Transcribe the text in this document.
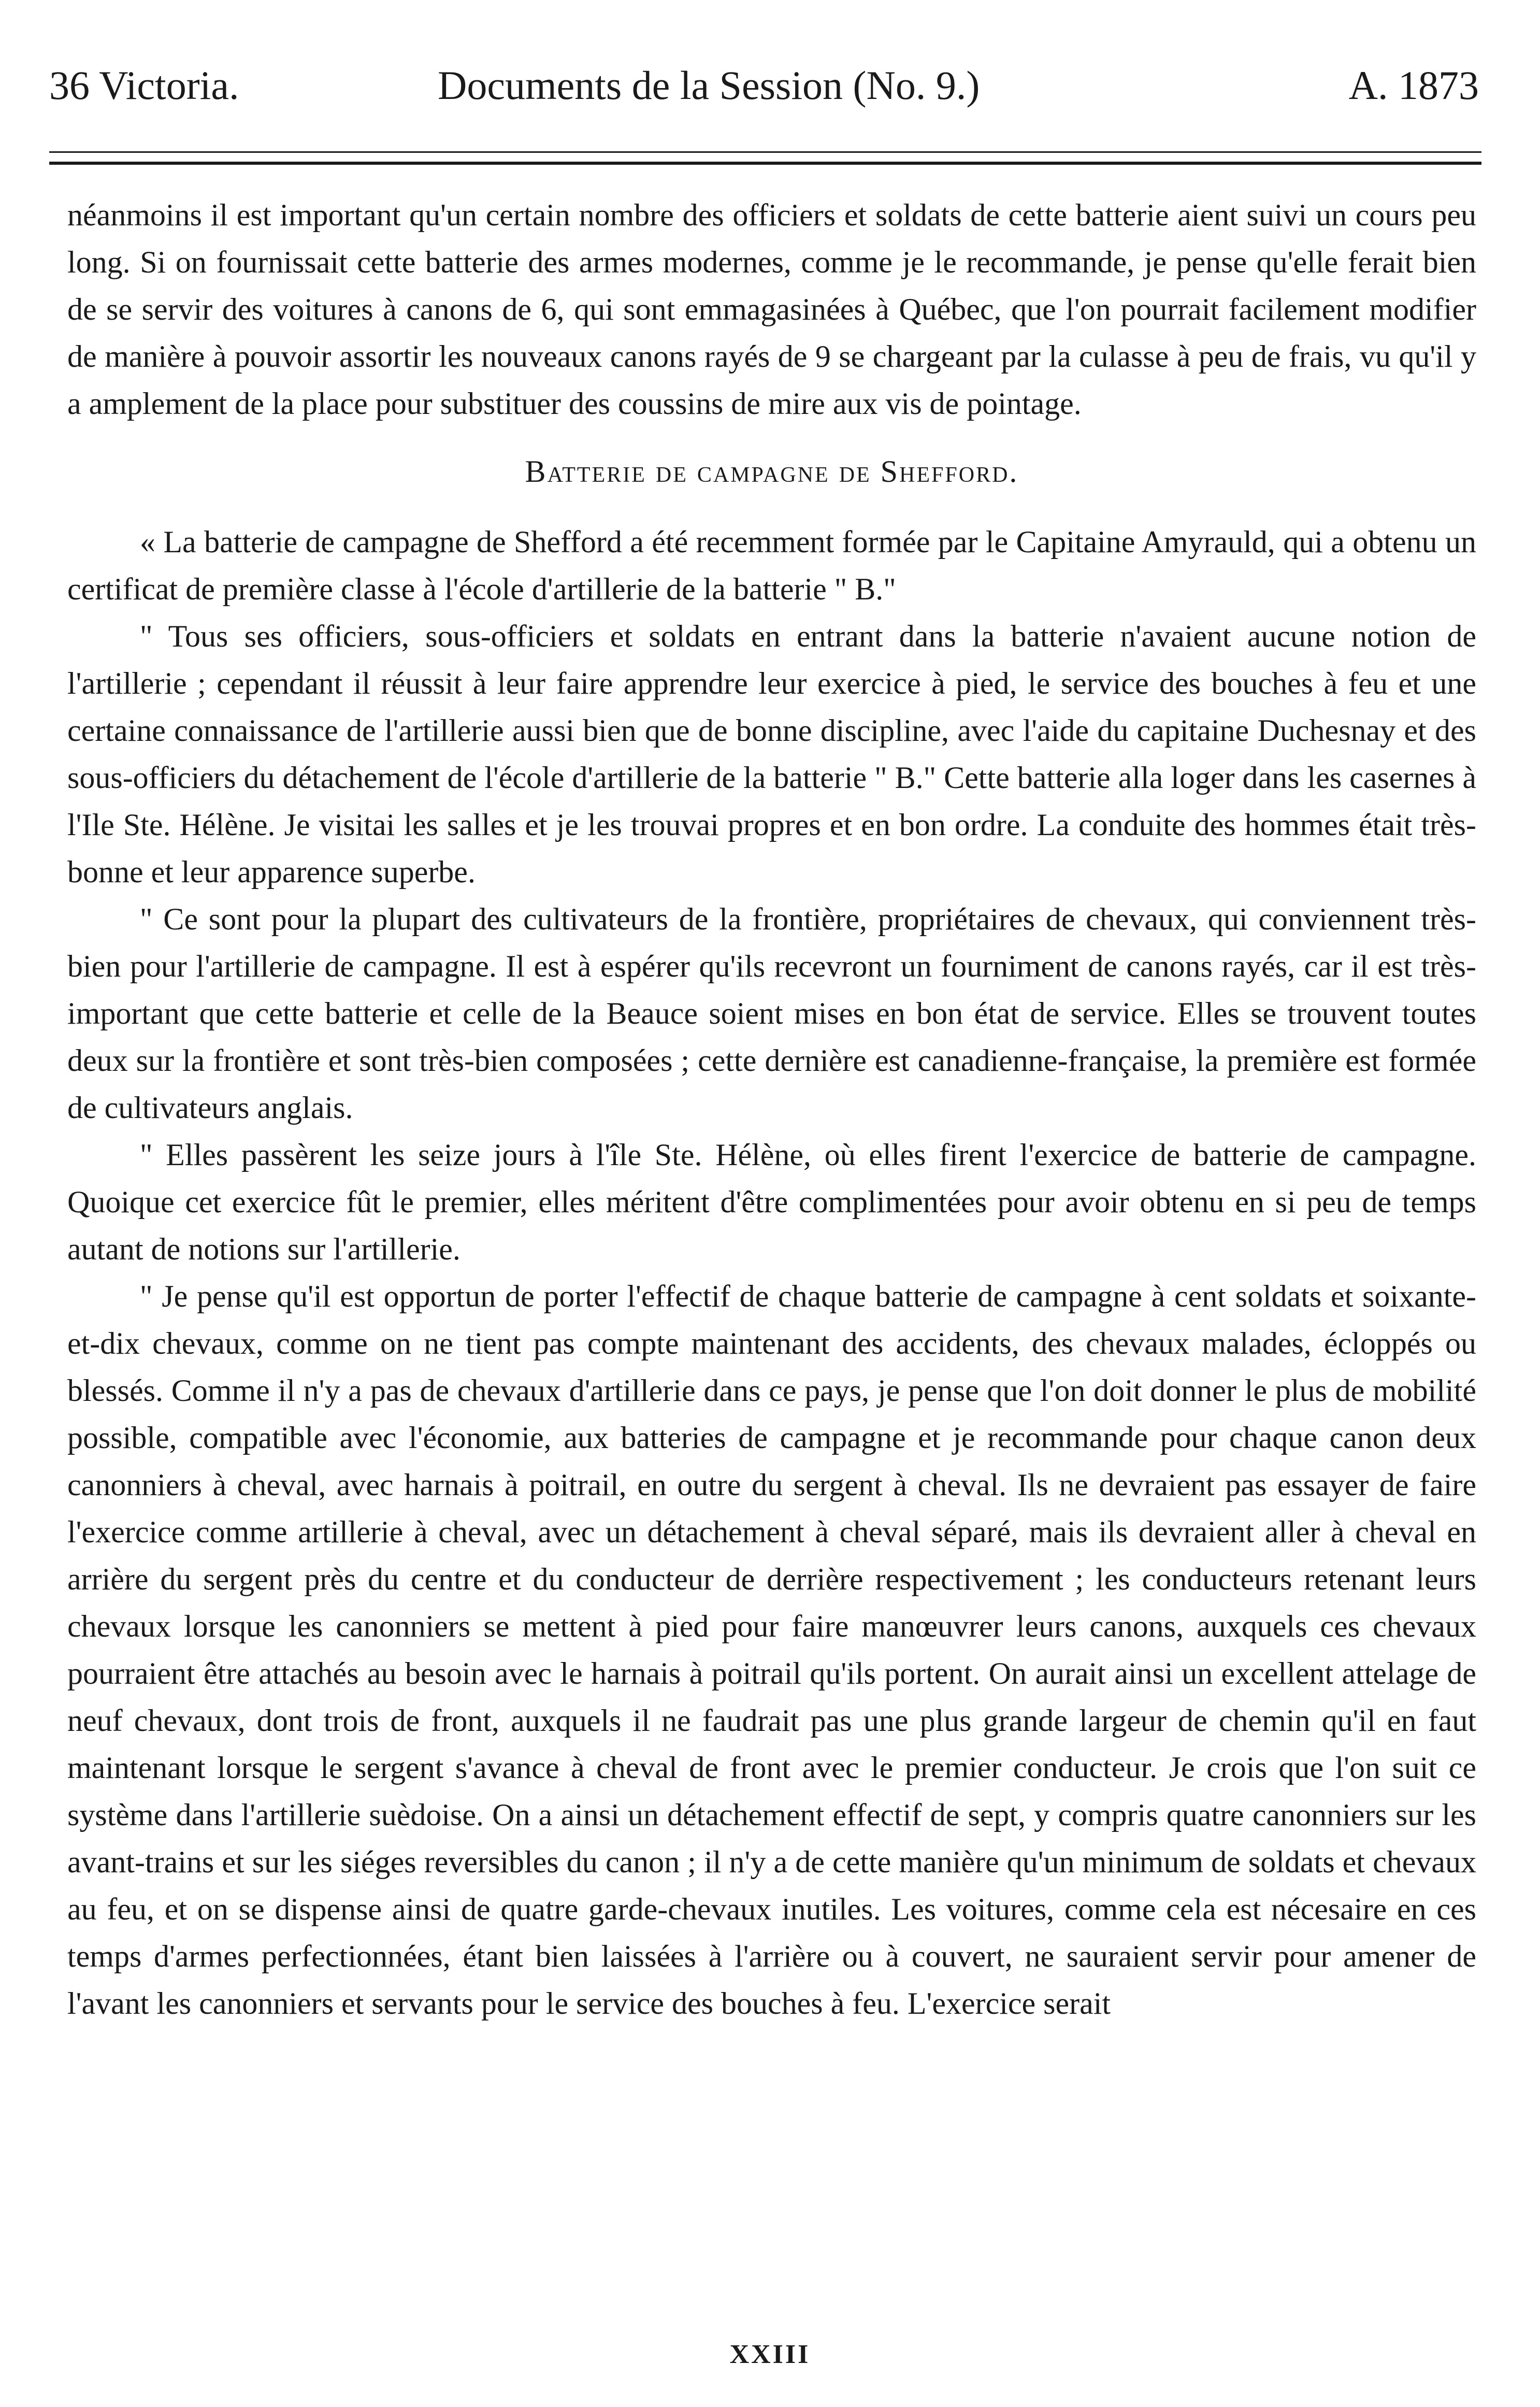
36 Victoria.	Documents de la Session (No. 9.)	A. 1873

néanmoins il est important qu'un certain nombre des officiers et soldats de cette batterie aient suivi un cours peu long. Si on fournissait cette batterie des armes modernes, comme je le recommande, je pense qu'elle ferait bien de se servir des voitures à canons de 6, qui sont emmagasinées à Québec, que l'on pourrait facilement modifier de manière à pouvoir assortir les nouveaux canons rayés de 9 se chargeant par la culasse à peu de frais, vu qu'il y a amplement de la place pour substituer des coussins de mire aux vis de pointage.

Batterie de campagne de Shefford.

« La batterie de campagne de Shefford a été recemment formée par le Capitaine Amyrauld, qui a obtenu un certificat de première classe à l'école d'artillerie de la batterie " B."

" Tous ses officiers, sous-officiers et soldats en entrant dans la batterie n'avaient aucune notion de l'artillerie ; cependant il réussit à leur faire apprendre leur exercice à pied, le service des bouches à feu et une certaine connaissance de l'artillerie aussi bien que de bonne discipline, avec l'aide du capitaine Duchesnay et des sous-officiers du détachement de l'école d'artillerie de la batterie " B." Cette batterie alla loger dans les casernes à l'Ile Ste. Hélène. Je visitai les salles et je les trouvai propres et en bon ordre. La conduite des hommes était très-bonne et leur apparence superbe.

" Ce sont pour la plupart des cultivateurs de la frontière, propriétaires de chevaux, qui conviennent très-bien pour l'artillerie de campagne. Il est à espérer qu'ils recevront un fourniment de canons rayés, car il est très-important que cette batterie et celle de la Beauce soient mises en bon état de service. Elles se trouvent toutes deux sur la frontière et sont très-bien composées ; cette dernière est canadienne-française, la première est formée de cultivateurs anglais.

" Elles passèrent les seize jours à l'île Ste. Hélène, où elles firent l'exercice de batterie de campagne. Quoique cet exercice fût le premier, elles méritent d'être complimentées pour avoir obtenu en si peu de temps autant de notions sur l'artillerie.

" Je pense qu'il est opportun de porter l'effectif de chaque batterie de campagne à cent soldats et soixante-et-dix chevaux, comme on ne tient pas compte maintenant des accidents, des chevaux malades, écloppés ou blessés. Comme il n'y a pas de chevaux d'artillerie dans ce pays, je pense que l'on doit donner le plus de mobilité possible, compatible avec l'économie, aux batteries de campagne et je recommande pour chaque canon deux canonniers à cheval, avec harnais à poitrail, en outre du sergent à cheval. Ils ne devraient pas essayer de faire l'exercice comme artillerie à cheval, avec un détachement à cheval séparé, mais ils devraient aller à cheval en arrière du sergent près du centre et du conducteur de derrière respectivement ; les conducteurs retenant leurs chevaux lorsque les canonniers se mettent à pied pour faire manœuvrer leurs canons, auxquels ces chevaux pourraient être attachés au besoin avec le harnais à poitrail qu'ils portent. On aurait ainsi un excellent attelage de neuf chevaux, dont trois de front, auxquels il ne faudrait pas une plus grande largeur de chemin qu'il en faut maintenant lorsque le sergent s'avance à cheval de front avec le premier conducteur. Je crois que l'on suit ce système dans l'artillerie suèdoise. On a ainsi un détachement effectif de sept, y compris quatre canonniers sur les avant-trains et sur les siéges reversibles du canon ; il n'y a de cette manière qu'un minimum de soldats et chevaux au feu, et on se dispense ainsi de quatre garde-chevaux inutiles. Les voitures, comme cela est nécesaire en ces temps d'armes perfectionnées, étant bien laissées à l'arrière ou à couvert, ne sauraient servir pour amener de l'avant les canonniers et servants pour le service des bouches à feu. L'exercice serait

XXIII
